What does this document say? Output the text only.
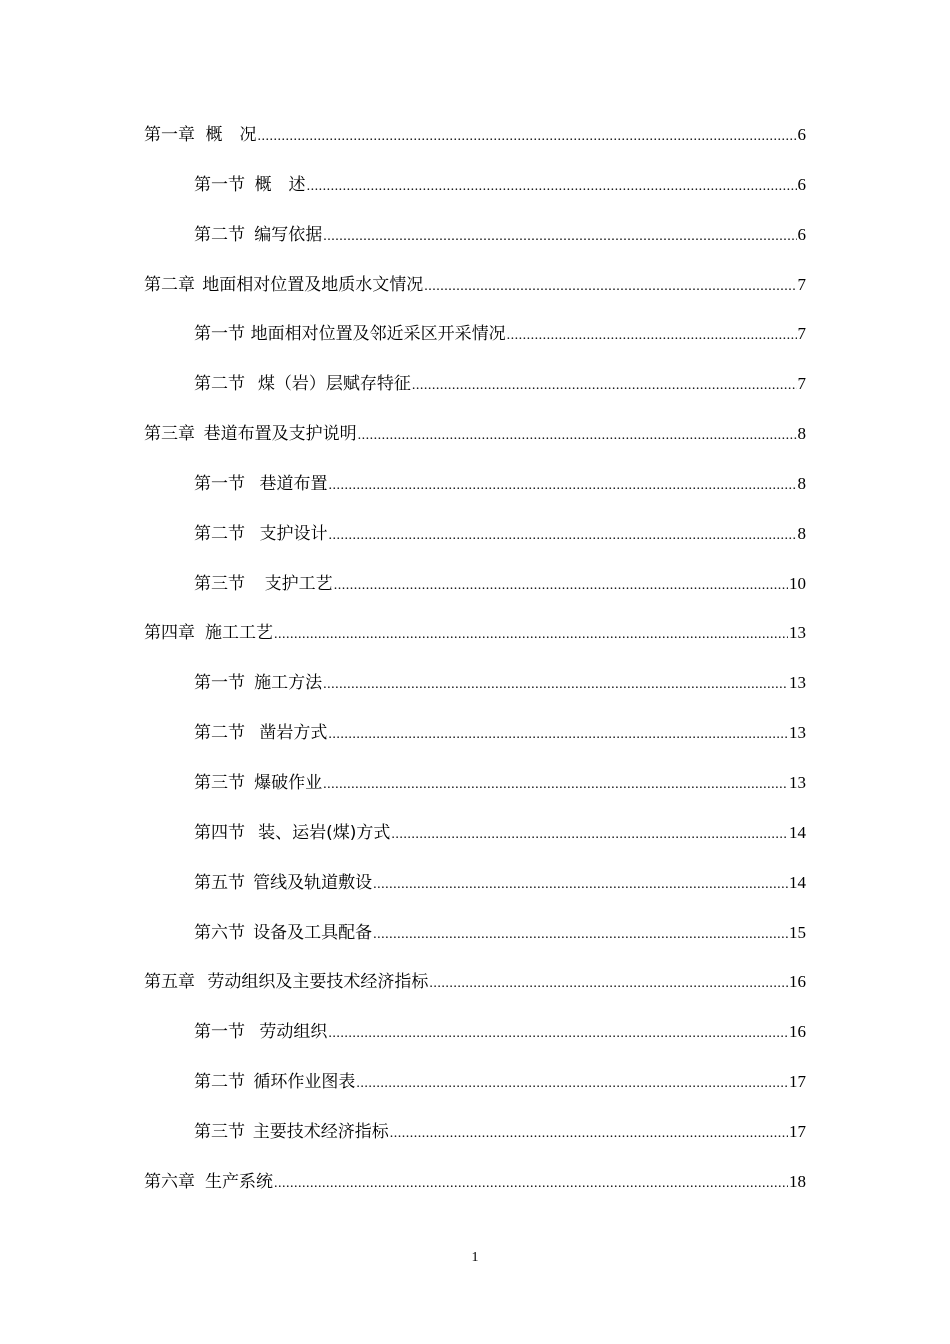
第一章 概　况 .....	6
第一节 概　述 .....	6
第二节 编写依据 .....	6
第二章 地面相对位置及地质水文情况 .....	7
第一节 地面相对位置及邻近采区开采情况 .....	7
第二节 煤（岩）层赋存特征 .....	7
第三章 巷道布置及支护说明 .....	8
第一节 巷道布置 .....	8
第二节 支护设计 .....	8
第三节 支护工艺 .....	10
第四章 施工工艺 .....	13
第一节 施工方法 .....	13
第二节 凿岩方式 .....	13
第三节 爆破作业 .....	13
第四节 装、运岩(煤)方式 .....	14
第五节 管线及轨道敷设 .....	14
第六节 设备及工具配备 .....	15
第五章 劳动组织及主要技术经济指标 .....	16
第一节 劳动组织 .....	16
第二节 循环作业图表 .....	17
第三节 主要技术经济指标 .....	17
第六章 生产系统 .....	18
1
